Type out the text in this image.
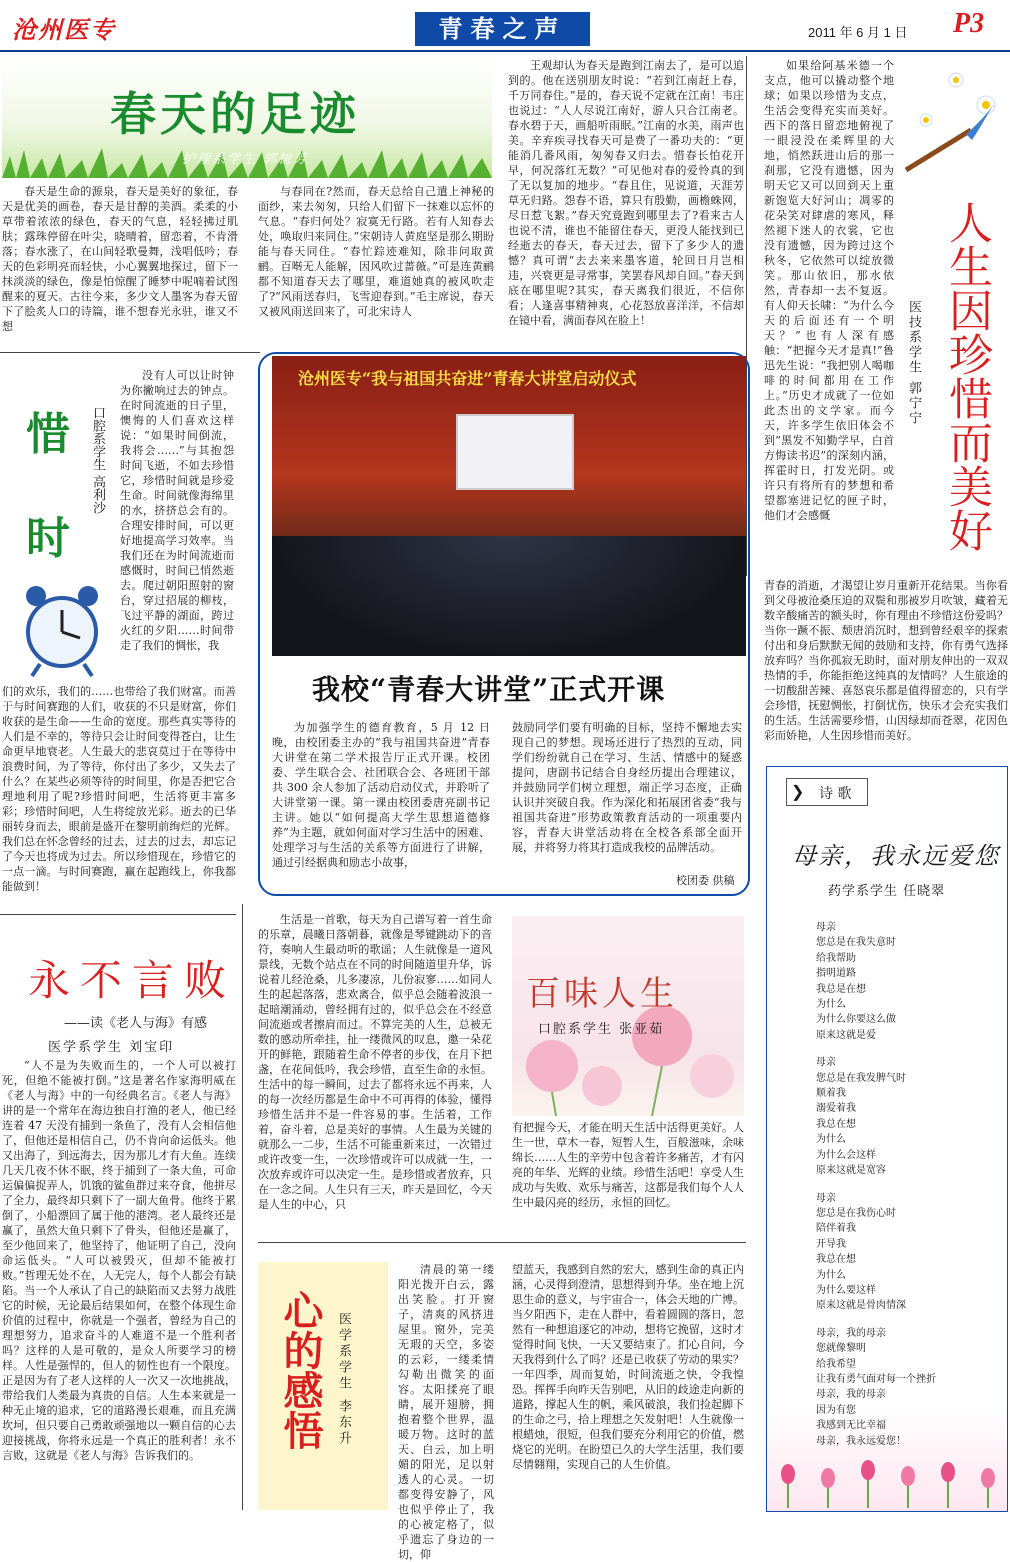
沧州医专	青春之声	2011 年 6 月 1 日 P3
春天的足迹
护理系学生 郭树芳

春天是生命的源泉，春天是美好的象征，春天是优美的画卷，春天是甘醇的美酒。柔柔的小草带着浓浓的绿色，春天的气息，轻轻拂过肌肤；露珠停留在叶尖，晓晴着，留恋着，不肯滑落；春水涨了，在山间轻歌曼舞，浅唱低吟；春天的色彩明亮而轻快，小心翼翼地探过，留下一抹淡淡的绿色，像是怕惊醒了睡梦中呢喃着试图醒来的夏天。古往今来，多少文人墨客为春天留下了脍炙人口的诗篇，谁不想春光永驻，谁又不想

与春同在?然而，春天总给自己遣上神秘的面纱，来去匆匆，只给人们留下一抹难以忘怀的气息。“春归何处？寂寞无行路。若有人知春去处，唤取归来同住。”宋朝诗人黄庭坚是那么期盼能与春天同住。“春忙踪迹难知，除非问取黄鹂。百啭无人能解，因风吹过蔷薇。”可是连黄鹂都不知道春天去了哪里，难道她真的被风吹走了?“风雨送春归，飞雪迎春到。”毛主席说，春天又被风雨送回来了，可北宋诗人

王观却认为春天是跑到江南去了，是可以追到的。他在送别朋友时说：“若到江南赶上春，千万同春住。”是的，春天说不定就在江南！韦庄也说过：“人人尽说江南好，游人只合江南老。春水碧于天，画船听雨眠。”江南的水美，雨声也美。辛弃疾寻找春天可是费了一番功夫的：“更能消几番风雨，匆匆春又归去。惜春长怕花开早，何况落红无数？”可见他对春的爱怜真的到了无以复加的地步。“春且住，见说道，天涯芳草无归路。怨春不语，算只有殷勤，画檐蛛网，尽日惹飞絮。”春天究竟跑到哪里去了?看来古人也说不清，谁也不能留住春天，更没人能找到已经逝去的春天，春天过去，留下了多少人的遗憾？真可谓“去去来来墨客道，轮回日月岂相违，兴衰更是寻常事，笑罢春风却自回。”春天到底在哪里呢?其实，春天离我们很近，不信你看；人逢喜事精神爽，心花怒放喜洋洋，不信却在镜中看，满面春风在脸上！

如果给阿基米德一个支点，他可以撬动整个地球；如果以珍惜为支点，生活会变得充实而美好。西下的落日留恋地俯视了一眼浸没在柔辉里的大地，悄然跃进山后的那一刹那，它没有遗憾，因为明天它又可以回到天上重新饱览大好河山；凋零的花朵笑对肆虐的寒风，释然褪下迷人的衣裳，它也没有遗憾，因为跨过这个秋冬，它依然可以绽放微笑。那山依旧，那水依然，青春却一去不复返。有人仰天长啸：“为什么今天的后面还有一个明天？”也有人深有感触：“把握今天才是真!”鲁迅先生说：“我把别人喝咖啡的时间都用在工作上。”历史才成就了一位如此杰出的文学家。而今天，许多学生依旧体会不到“黑发不知勤学早，白首方悔读书迟”的深刻内涵，挥霍时日，打发光阴。或许只有将所有的梦想和希望都塞进记忆的匣子时，他们才会感慨	人生因珍惜而美好
医技系学生 郭宁宁

青春的消逝，才渴望让岁月重新开花结果。当你看到父母被沧桑压迫的双鬓和那被岁月吹皱，藏着无数辛酸痛苦的额头时，你有理由不珍惜这份爱吗？当你一蹶不振、颓唐消沉时，想到曾经艰辛的探索付出和身后默默无闻的鼓励和支持，你有勇气选择放弃吗？当你孤寂无助时，面对朋友伸出的一双双热情的手，你能拒绝这纯真的友情吗？人生旅途的一切酸甜苦辣、喜怒哀乐都是值得留恋的，只有学会珍惜，抚慰惆怅，打倒忧伤，快乐才会充实我们的生活。生活需要珍惜，山因绿却而苍翠，花因色彩而娇艳，人生因珍惜而美好。

惜
时
口腔系学生 高利沙

没有人可以让时钟为你撇响过去的钟点。在时间流逝的日子里，懊悔的人们喜欢这样说：“如果时间倒流，我将会……”与其抱怨时间飞逝，不如去珍惜它，珍惜时间就是珍爱生命。时间就像海绵里的水，挤挤总会有的。合理安排时间，可以更好地提高学习效率。当我们还在为时间流逝而感慨时，时间已悄然逝去。爬过朝阳照射的窗台，穿过招展的柳枝，飞过平静的湖面，跨过火红的夕阳……时间带走了我们的惆怅，我

们的欢乐，我们的……也带给了我们财富。而善于与时间赛跑的人们，收获的不只是财富，你们收获的是生命——生命的宽度。那些真实等待的人们是不幸的，等待只会让时间变得苍白，让生命更早地衰老。人生最大的悲哀莫过于在等待中浪费时间，为了等待，你付出了多少，又失去了什么？在某些必须等待的时间里，你是否把它合理地利用了呢?珍惜时间吧，生活将更丰富多彩；珍惜时间吧，人生将绽放光彩。逝去的已华丽转身而去，眼前是盛开在黎明前绚烂的光辉。我们总在怀念曾经的过去，过去的过去，却忘记了今天也将成为过去。所以珍惜现在，珍惜它的一点一滴。与时间赛跑，赢在起跑线上，你我都能做到！

沧州医专“我与祖国共奋进”青春大讲堂启动仪式
我校“青春大讲堂”正式开课

为加强学生的德育教育，5 月 12 日晚，由校团委主办的“我与祖国共奋进”青春大讲堂在第二学术报告厅正式开课。校团委、学生联合会、社团联合会、各班团干部共 300 余人参加了活动启动仪式，并聆听了大讲堂第一课。第一课由校团委唐亮副书记主讲。她以“如何提高大学生思想道德修养”为主题，就如何面对学习生活中的困难、处理学习与生活的关系等方面进行了讲解，通过引经据典和励志小故事，

鼓励同学们要有明确的目标，坚持不懈地去实现自己的梦想。现场还进行了热烈的互动，同学们纷纷就自己在学习、生活、情感中的疑惑提问，唐副书记结合自身经历提出合理建议，并鼓励同学们树立理想，端正学习态度，正确认识并突破自我。作为深化和拓展团省委“我与祖国共奋进”形势政策教育活动的一项重要内容，青春大讲堂活动将在全校各系部全面开展，并将努力将其打造成我校的品牌活动。

校团委 供稿
永不言败
——读《老人与海》有感
医学系学生 刘宝印

“人不是为失败而生的，一个人可以被打死，但绝不能被打倒。”这是著名作家海明威在《老人与海》中的一句经典名言。《老人与海》讲的是一个常年在海边独自打渔的老人，他已经连着 47 天没有捕到一条鱼了，没有人会相信他了，但他还是相信自己，仍不肯向命运低头。他又出海了，到远海去，因为那儿才有大鱼。连续几天几夜不休不眠，终于捕到了一条大鱼，可命运偏偏捉弄人，饥饿的鲨鱼群过来夺食，他拼尽了全力，最终却只剩下了一副大鱼骨。他终于累倒了，小船漂回了属于他的港湾。老人最终还是赢了，虽然大鱼只剩下了骨头，但他还是赢了，至少他回来了，他坚持了，他证明了自己，没向命运低头。“人可以被毁灭，但却不能被打败。”哲理无处不在，人无完人，每个人都会有缺陷。当一个人承认了自己的缺陷而又去努力战胜它的时候，无论最后结果如何，在整个体现生命价值的过程中，你就是一个强者，曾经为自己的理想努力，追求奋斗的人难道不是一个胜利者吗？这样的人是可敬的，是众人所要学习的榜样。人性是强悍的，但人的韧性也有一个限度。正是因为有了老人这样的人一次又一次地挑战，带给我们人类最为真贵的自信。人生本来就是一种无止境的追求，它的道路漫长艰难，而且充满坎坷，但只要自己勇敢顽强地以一颗自信的心去迎接挑战，你将永远是一个真正的胜利者！永不言败，这就是《老人与海》告诉我们的。

生活是一首歌，每天为自己谱写着一首生命的乐章，晨曦日落朝暮，就像是琴键跳动下的音符，奏响人生最动听的歌谣；人生就像是一道风景线，无数个站点在不同的时间随道里升华，诉说着儿经沧桑，儿多凄凉，儿份寂寥……如同人生的起起落落，悲欢离合，似乎总会随着波浪一起暗潮涌动，曾经拥有过的，似乎总会在不经意间流逝或者擦肩而过。不算完美的人生，总被无数的感动所牵挂，扯一缕微风的叹息，邀一朵花开的鲜艳，跟随着生命不停者的步伐，在月下把盏，在花间低吟，我会珍惜，直至生命的永恒。生活中的每一瞬间，过去了都将永远不再来，人的每一次经历都是生命中不可再得的体验，懂得珍惜生活并不是一件容易的事。生活着，工作着，奋斗着，总是美好的事情。人生最为关键的就那么一二步，生活不可能重新来过，一次错过或许改变一生，一次珍惜或许可以成就一生，一次放弃或许可以决定一生。是珍惜或者放弃，只在一念之间。人生只有三天，昨天是回忆，今天是人生的中心，只

百味人生
口腔系学生 张亚茹

有把握今天，才能在明天生活中活得更美好。人生一世，草木一春，短暂人生，百般滋味，余味绵长……人生的辛劳中包含着许多痛苦，才有闪亮的年华、光辉的业绩。珍惜生活吧！享受人生成功与失败、欢乐与痛苦，这都是我们每个人人生中最闪亮的经历，永恒的回忆。

心的感悟 医学系学生 李东升

清晨的第一缕阳光拨开白云，露出笑脸。打开窗子，清爽的风挤进屋里。窗外，完美无瑕的天空，多姿的云彩，一缕柔情勾勒出微笑的面容。太阳揉亮了眼睛，展开翅膀，拥抱着整个世界，温暖万物。这时的蓝天、白云，加上明媚的阳光，足以射透人的心灵。一切都变得安静了，风也似乎停止了，我的心被定格了，似乎遗忘了身边的一切，仰

望蓝天，我感到自然的宏大，感到生命的真正内涵，心灵得到澄清，思想得到升华。坐在地上沉思生命的意义，与宇宙合一，体会天地的广博。当夕阳西下，走在人群中，看着圆圆的落日，忽然有一种想追逐它的冲动，想将它挽留，这时才觉得时间飞快，一天又要结束了。扪心自问，今天我得到什么了吗？还是已收获了劳动的果实？一年四季，周而复始，时间流逝之快，令我惶恐。挥挥手向昨天告别吧，从旧的歧途走向新的道路，撑起人生的帆，乘风破浪，我们捡起脚下的生命之弓，拾上理想之矢发射吧！人生就像一根蜡烛，很短，但我们要充分利用它的价值，燃烧它的光明。在盼望已久的大学生活里，我们要尽情翱翔，实现自己的人生价值。

❯ 诗 歌
母亲，我永远爱您
药学系学生 任晓翠
母亲
您总是在我失意时
给我帮助
指明道路
我总是在想
为什么
为什么你要这么做
原来这就是爱
母亲
您总是在我发脾气时
顺着我
溺爱着我
我总在想
为什么
为什么会这样
原来这就是宽容
母亲
您总是在我伤心时
陪伴着我
开导我
我总在想
为什么
为什么要这样
原来这就是骨肉情深
母亲，我的母亲
您就像黎明
给我希望
让我有勇气面对每一个挫折
母亲，我的母亲
因为有您
我感到无比幸福
母亲，我永远爱您！
